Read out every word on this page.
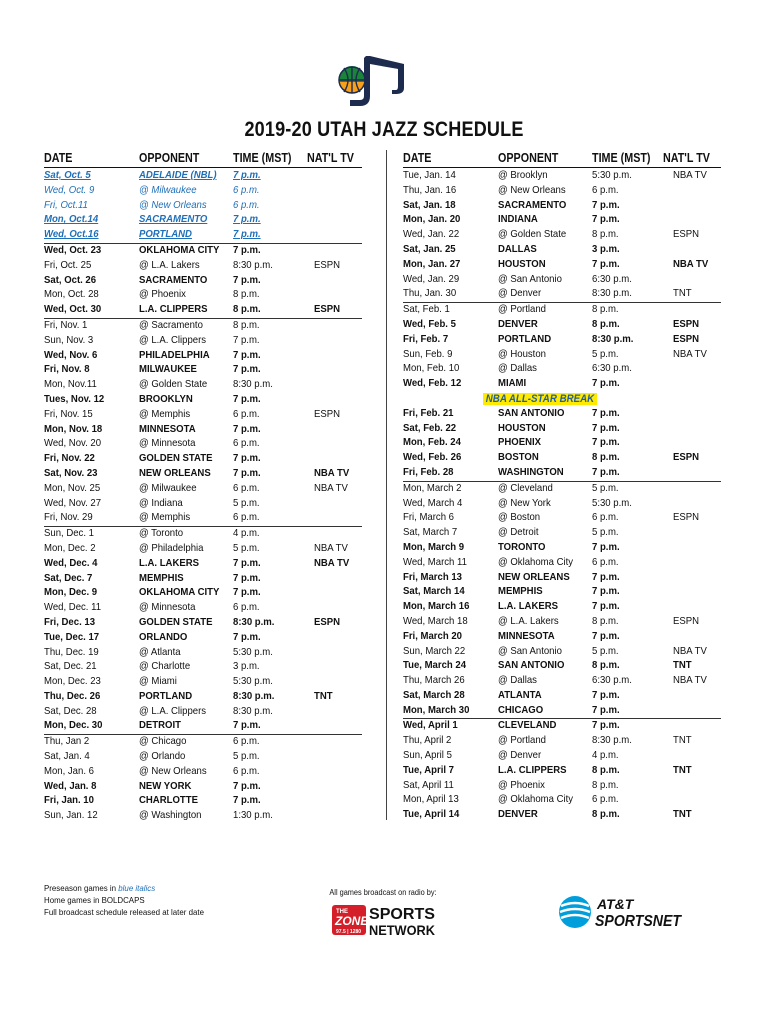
2019-20 UTAH JAZZ SCHEDULE
DATE	OPPONENT	TIME (MST) NAT'L TV
Sat, Oct. 5	ADELAIDE (NBL) 7 p.m.
Wed, Oct. 9	@ Milwaukee	6 p.m.
Fri, Oct.11	@ New Orleans	6 p.m.
Mon, Oct.14	SACRAMENTO 7 p.m.
Wed, Oct.16	PORTLAND	7 p.m.
Wed, Oct. 23	OKLAHOMA CITY 7 p.m.
Fri, Oct. 25	@ L.A. Lakers	8:30 p.m.	ESPN
Sat, Oct. 26	SACRAMENTO 7 p.m.
Mon, Oct. 28	@ Phoenix	8 p.m.
Wed, Oct. 30	L.A. CLIPPERS 8 p.m.	ESPN
Fri, Nov. 1	@ Sacramento	8 p.m.
Sun, Nov. 3	@ L.A. Clippers	7 p.m.
Wed, Nov. 6	PHILADELPHIA 7 p.m.
Fri, Nov. 8	MILWAUKEE	7 p.m.
Mon, Nov.11	@ Golden State 8:30 p.m.
Tues, Nov. 12	BROOKLYN	7 p.m.
Fri, Nov. 15	@ Memphis	6 p.m.	ESPN
Mon, Nov. 18	MINNESOTA	7 p.m.
Wed, Nov. 20	@ Minnesota	6 p.m.
Fri, Nov. 22	GOLDEN STATE 7 p.m.
Sat, Nov. 23	NEW ORLEANS 7 p.m.	NBA TV
Mon, Nov. 25	@ Milwaukee	6 p.m.	NBA TV
Wed, Nov. 27	@ Indiana	5 p.m.
Fri, Nov. 29	@ Memphis	6 p.m.
Sun, Dec. 1	@ Toronto	4 p.m.
Mon, Dec. 2	@ Philadelphia	5 p.m.	NBA TV
Wed, Dec. 4	L.A. LAKERS	7 p.m.	NBA TV
Sat, Dec. 7	MEMPHIS	7 p.m.
Mon, Dec. 9	OKLAHOMA CITY 7 p.m.
Wed, Dec. 11	@ Minnesota	6 p.m.
Fri, Dec. 13	GOLDEN STATE 8:30 p.m.	ESPN
Tue, Dec. 17	ORLANDO	7 p.m.
Thu, Dec. 19	@ Atlanta	5:30 p.m.
Sat, Dec. 21	@ Charlotte	3 p.m.
Mon, Dec. 23	@ Miami	5:30 p.m.
Thu, Dec. 26	PORTLAND	8:30 p.m.	TNT
Sat, Dec. 28	@ L.A. Clippers	8:30 p.m.
Mon, Dec. 30	DETROIT	7 p.m.
Thu, Jan 2	@ Chicago	6 p.m.
Sat, Jan. 4	@ Orlando	5 p.m.
Mon, Jan. 6	@ New Orleans	6 p.m.
Wed, Jan. 8	NEW YORK	7 p.m.
Fri, Jan. 10	CHARLOTTE	7 p.m.
Sun, Jan. 12	@ Washington	1:30 p.m.
DATE	OPPONENT	TIME (MST) NAT'L TV
Tue, Jan. 14	@ Brooklyn	5:30 p.m.	NBA TV
Thu, Jan. 16	@ New Orleans	6 p.m.
Sat, Jan. 18	SACRAMENTO 7 p.m.
Mon, Jan. 20	INDIANA	7 p.m.
Wed, Jan. 22	@ Golden State 8 p.m.	ESPN
Sat, Jan. 25	DALLAS	3 p.m.
Mon, Jan. 27	HOUSTON	7 p.m.	NBA TV
Wed, Jan. 29	@ San Antonio	6:30 p.m.
Thu, Jan. 30	@ Denver	8:30 p.m.	TNT
Sat, Feb. 1	@ Portland	8 p.m.
Wed, Feb. 5	DENVER	8 p.m.	ESPN
Fri, Feb. 7	PORTLAND	8:30 p.m.	ESPN
Sun, Feb. 9	@ Houston	5 p.m.	NBA TV
Mon, Feb. 10	@ Dallas	6:30 p.m.
Wed, Feb. 12	MIAMI	7 p.m.
NBA ALL-STAR BREAK
Fri, Feb. 21	SAN ANTONIO	7 p.m.
Sat, Feb. 22	HOUSTON	7 p.m.
Mon, Feb. 24	PHOENIX	7 p.m.
Wed, Feb. 26	BOSTON	8 p.m.	ESPN
Fri, Feb. 28	WASHINGTON	7 p.m.
Mon, March 2	@ Cleveland	5 p.m.
Wed, March 4	@ New York	5:30 p.m.
Fri, March 6	@ Boston	6 p.m.	ESPN
Sat, March 7	@ Detroit	5 p.m.
Mon, March 9	TORONTO	7 p.m.
Wed, March 11	@ Oklahoma City 6 p.m.
Fri, March 13	NEW ORLEANS 7 p.m.
Sat, March 14	MEMPHIS	7 p.m.
Mon, March 16	L.A. LAKERS	7 p.m.
Wed, March 18	@ L.A. Lakers	8 p.m.	ESPN
Fri, March 20	MINNESOTA	7 p.m.
Sun, March 22	@ San Antonio	5 p.m.	NBA TV
Tue, March 24	SAN ANTONIO	8 p.m.	TNT
Thu, March 26	@ Dallas	6:30 p.m.	NBA TV
Sat, March 28	ATLANTA	7 p.m.
Mon, March 30	CHICAGO	7 p.m.
Wed, April 1	CLEVELAND	7 p.m.
Thu, April 2	@ Portland	8:30 p.m.	TNT
Sun, April 5	@ Denver	4 p.m.
Tue, April 7	L.A. CLIPPERS 8 p.m.	TNT
Sat, April 11	@ Phoenix	8 p.m.
Mon, April 13	@ Oklahoma City 6 p.m.
Tue, April 14	DENVER	8 p.m.	TNT
Preseason games in blue italics
Home games in BOLDCAPS
Full broadcast schedule released at later date
All games broadcast on radio by:
THE
ZONE
97.5 | 1280
SPORTS
NETWORK
AT&T
SPORTSNET
